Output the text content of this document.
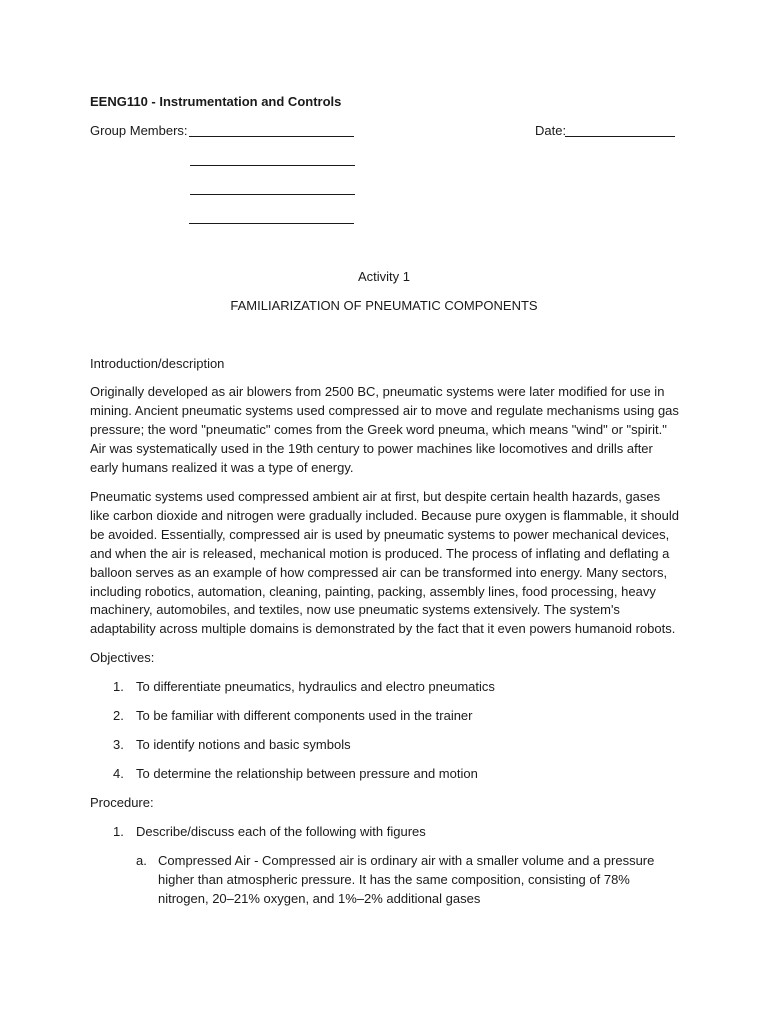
EENG110 - Instrumentation and Controls
Group Members:	Date:
Activity 1
FAMILIARIZATION OF PNEUMATIC COMPONENTS
Introduction/description
Originally developed as air blowers from 2500 BC, pneumatic systems were later modified for use in mining. Ancient pneumatic systems used compressed air to move and regulate mechanisms using gas pressure; the word "pneumatic" comes from the Greek word pneuma, which means "wind" or "spirit." Air was systematically used in the 19th century to power machines like locomotives and drills after early humans realized it was a type of energy.
Pneumatic systems used compressed ambient air at first, but despite certain health hazards, gases like carbon dioxide and nitrogen were gradually included. Because pure oxygen is flammable, it should be avoided. Essentially, compressed air is used by pneumatic systems to power mechanical devices, and when the air is released, mechanical motion is produced. The process of inflating and deflating a balloon serves as an example of how compressed air can be transformed into energy. Many sectors, including robotics, automation, cleaning, painting, packing, assembly lines, food processing, heavy machinery, automobiles, and textiles, now use pneumatic systems extensively. The system's adaptability across multiple domains is demonstrated by the fact that it even powers humanoid robots.
Objectives:
1. To differentiate pneumatics, hydraulics and electro pneumatics
2. To be familiar with different components used in the trainer
3. To identify notions and basic symbols
4. To determine the relationship between pressure and motion
Procedure:
1. Describe/discuss each of the following with figures
a. Compressed Air - Compressed air is ordinary air with a smaller volume and a pressure higher than atmospheric pressure. It has the same composition, consisting of 78% nitrogen, 20–21% oxygen, and 1%–2% additional gases
